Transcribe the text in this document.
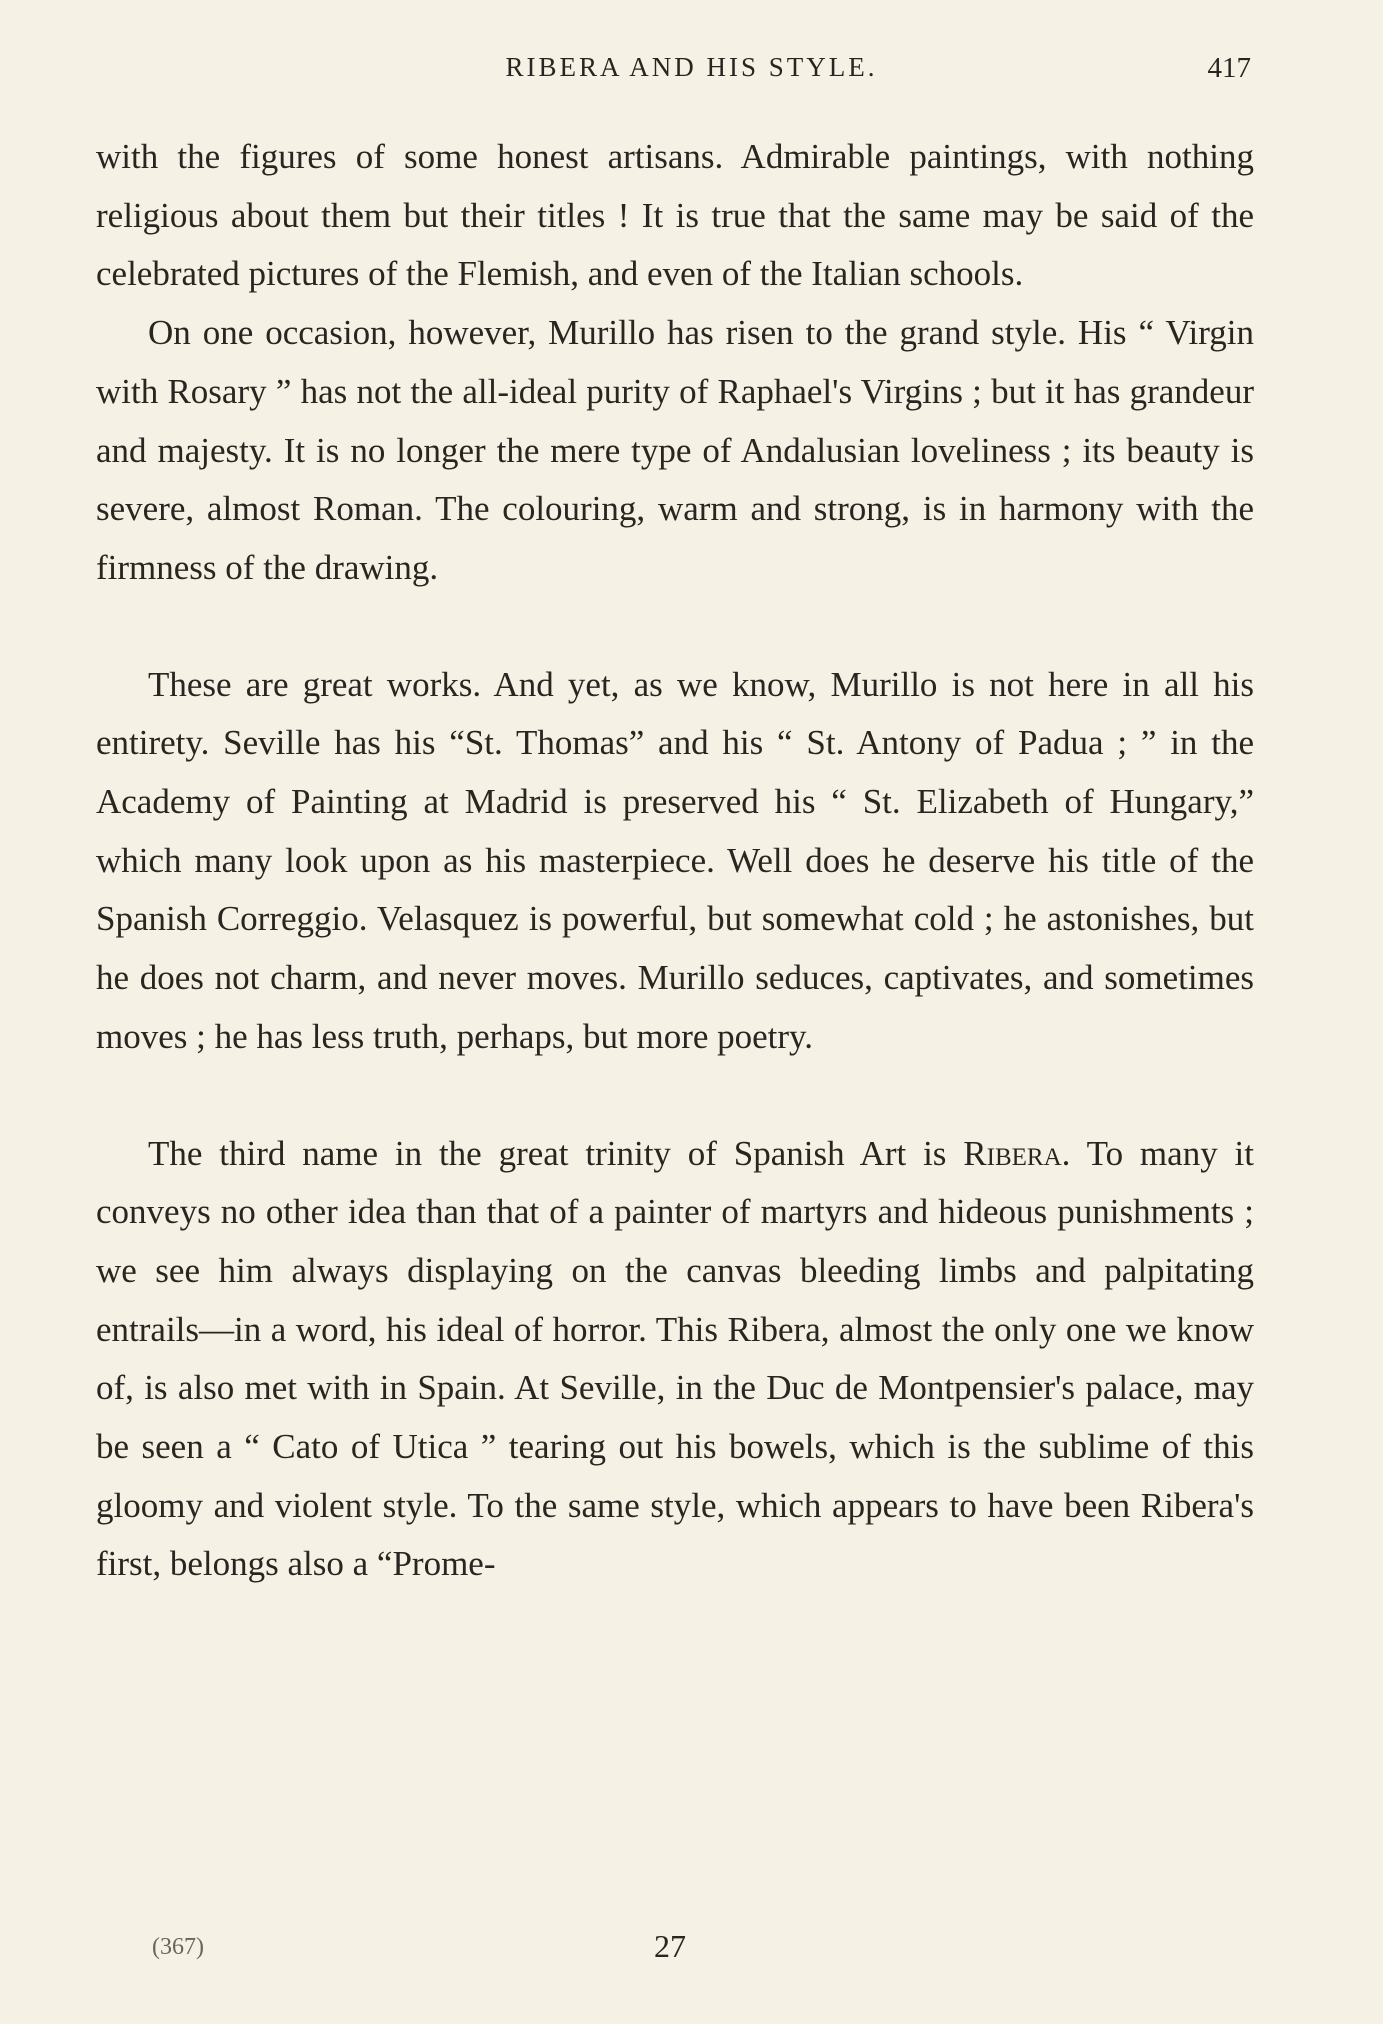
RIBERA AND HIS STYLE.	417

with the figures of some honest artisans. Admirable paintings, with nothing religious about them but their titles ! It is true that the same may be said of the celebrated pictures of the Flemish, and even of the Italian schools.

On one occasion, however, Murillo has risen to the grand style. His “ Virgin with Rosary ” has not the all-ideal purity of Raphael's Virgins ; but it has grandeur and majesty. It is no longer the mere type of Andalusian loveliness ; its beauty is severe, almost Roman. The colouring, warm and strong, is in harmony with the firmness of the drawing.

These are great works. And yet, as we know, Murillo is not here in all his entirety. Seville has his “St. Thomas” and his “ St. Antony of Padua ; ” in the Academy of Painting at Madrid is preserved his “ St. Elizabeth of Hungary,” which many look upon as his masterpiece. Well does he deserve his title of the Spanish Correggio. Velasquez is powerful, but somewhat cold ; he astonishes, but he does not charm, and never moves. Murillo seduces, captivates, and sometimes moves ; he has less truth, perhaps, but more poetry.

The third name in the great trinity of Spanish Art is Ribera. To many it conveys no other idea than that of a painter of martyrs and hideous punishments ; we see him always displaying on the canvas bleeding limbs and palpitating entrails—in a word, his ideal of horror. This Ribera, almost the only one we know of, is also met with in Spain. At Seville, in the Duc de Montpensier's palace, may be seen a “ Cato of Utica ” tearing out his bowels, which is the sublime of this gloomy and violent style. To the same style, which appears to have been Ribera's first, belongs also a “Prome-

(367)	27
